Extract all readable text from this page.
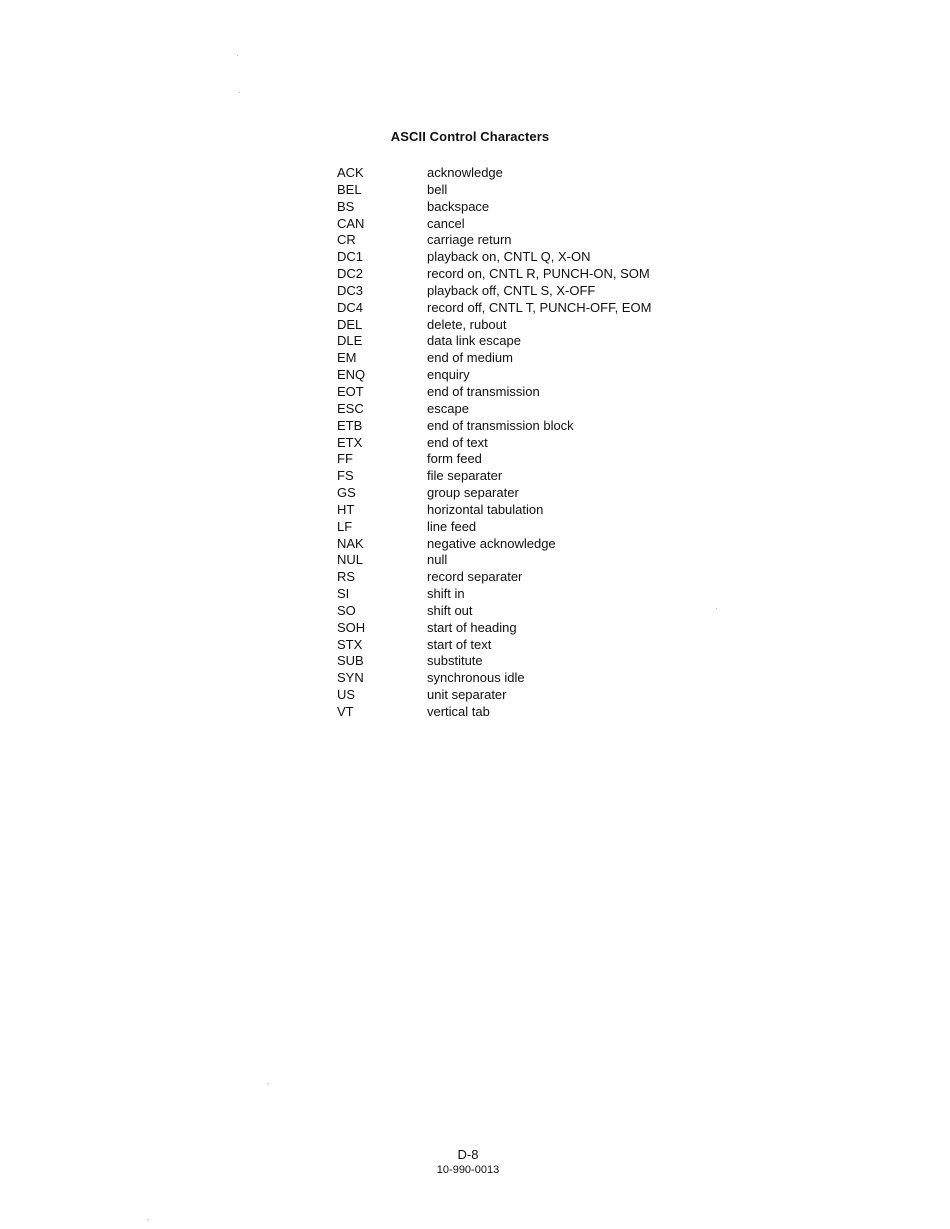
ASCII Control Characters
ACK	acknowledge
BEL	bell
BS	backspace
CAN	cancel
CR	carriage return
DC1	playback on, CNTL Q, X-ON
DC2	record on, CNTL R, PUNCH-ON, SOM
DC3	playback off, CNTL S, X-OFF
DC4	record off, CNTL T, PUNCH-OFF, EOM
DEL	delete, rubout
DLE	data link escape
EM	end of medium
ENQ	enquiry
EOT	end of transmission
ESC	escape
ETB	end of transmission block
ETX	end of text
FF	form feed
FS	file separater
GS	group separater
HT	horizontal tabulation
LF	line feed
NAK	negative acknowledge
NUL	null
RS	record separater
SI	shift in
SO	shift out
SOH	start of heading
STX	start of text
SUB	substitute
SYN	synchronous idle
US	unit separater
VT	vertical tab
D-8
10-990-0013
